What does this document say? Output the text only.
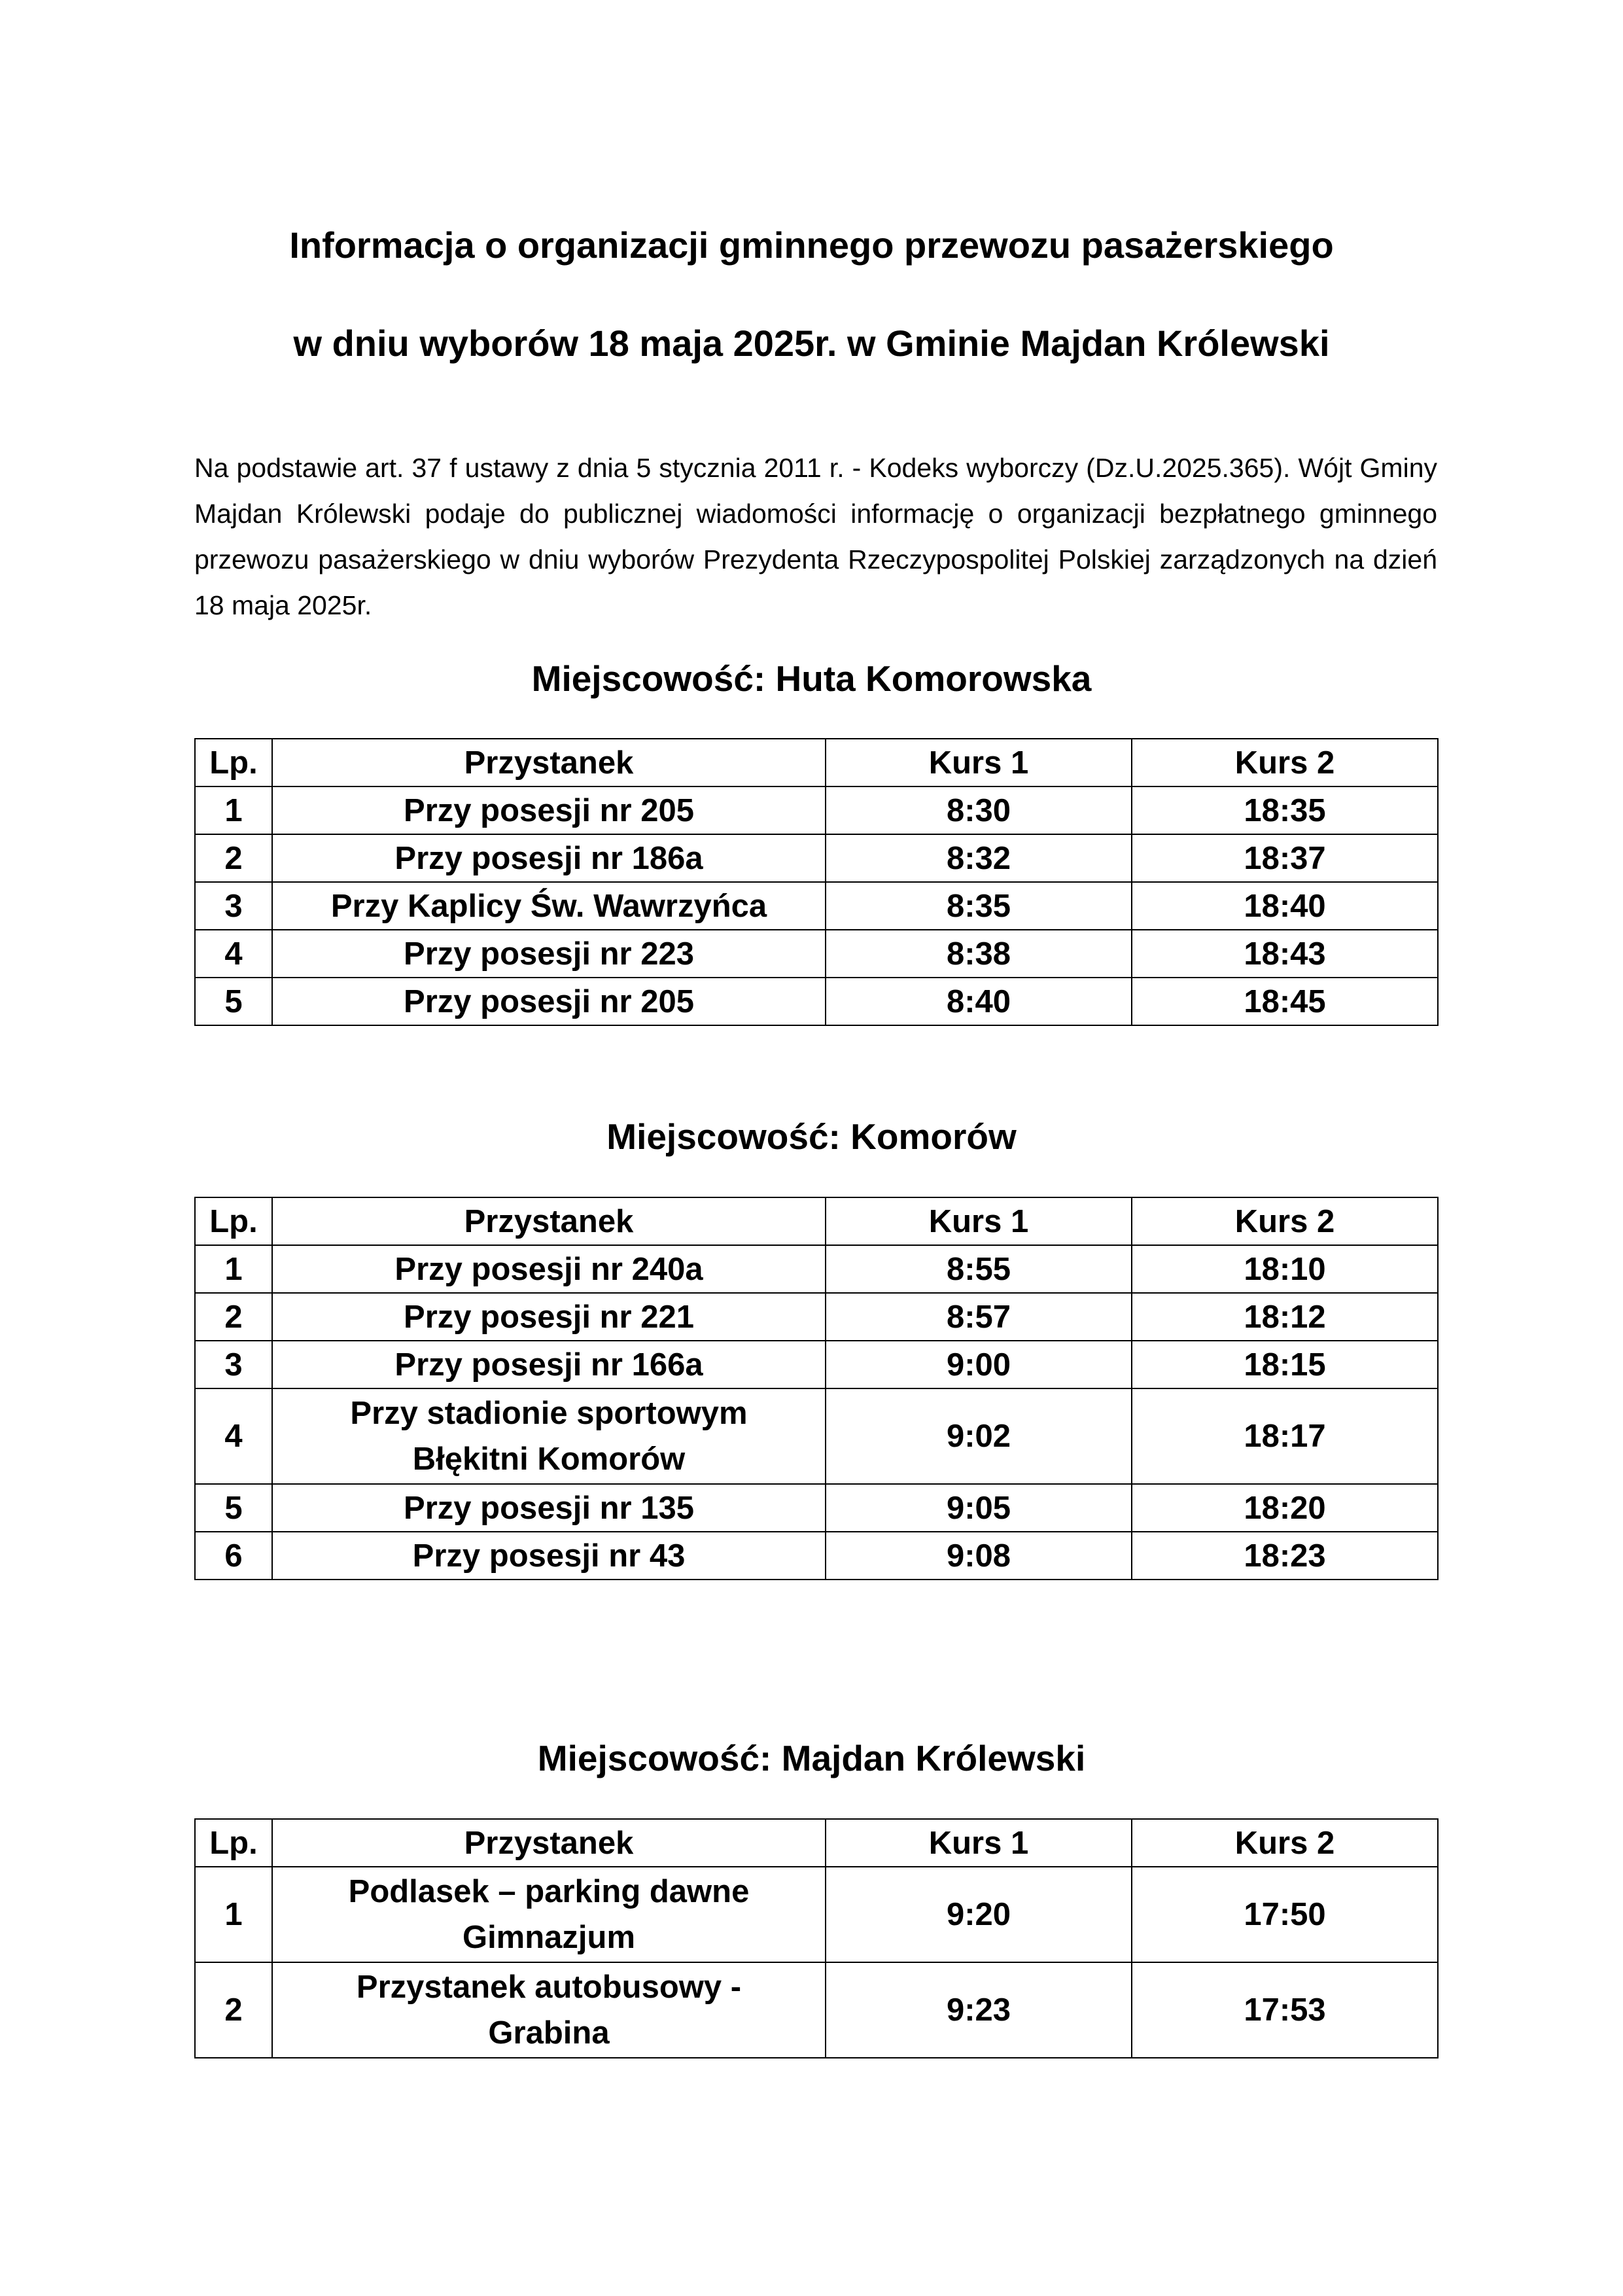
Informacja o organizacji gminnego przewozu pasażerskiego
w dniu wyborów 18 maja 2025r. w Gminie Majdan Królewski

Na podstawie art. 37 f ustawy z dnia 5 stycznia 2011 r. - Kodeks wyborczy (Dz.U.2025.365). Wójt Gminy Majdan Królewski podaje do publicznej wiadomości informację o organizacji bezpłatnego gminnego przewozu pasażerskiego w dniu wyborów Prezydenta Rzeczypospolitej Polskiej zarządzonych na dzień 18 maja 2025r.

Miejscowość: Huta Komorowska
Lp.	Przystanek	Kurs 1	Kurs 2
1	Przy posesji nr 205	8:30	18:35
2	Przy posesji nr 186a	8:32	18:37
3	Przy Kaplicy Św. Wawrzyńca	8:35	18:40
4	Przy posesji nr 223	8:38	18:43
5	Przy posesji nr 205	8:40	18:45
Miejscowość: Komorów
Lp.	Przystanek	Kurs 1	Kurs 2
1	Przy posesji nr 240a	8:55	18:10
2	Przy posesji nr 221	8:57	18:12
3	Przy posesji nr 166a	9:00	18:15
4	Przy stadionie sportowym Błękitni Komorów	9:02	18:17
5	Przy posesji nr 135	9:05	18:20
6	Przy posesji nr 43	9:08	18:23
Miejscowość: Majdan Królewski
Lp.	Przystanek	Kurs 1	Kurs 2
1	Podlasek – parking dawne Gimnazjum	9:20	17:50
2	Przystanek autobusowy - Grabina	9:23	17:53
